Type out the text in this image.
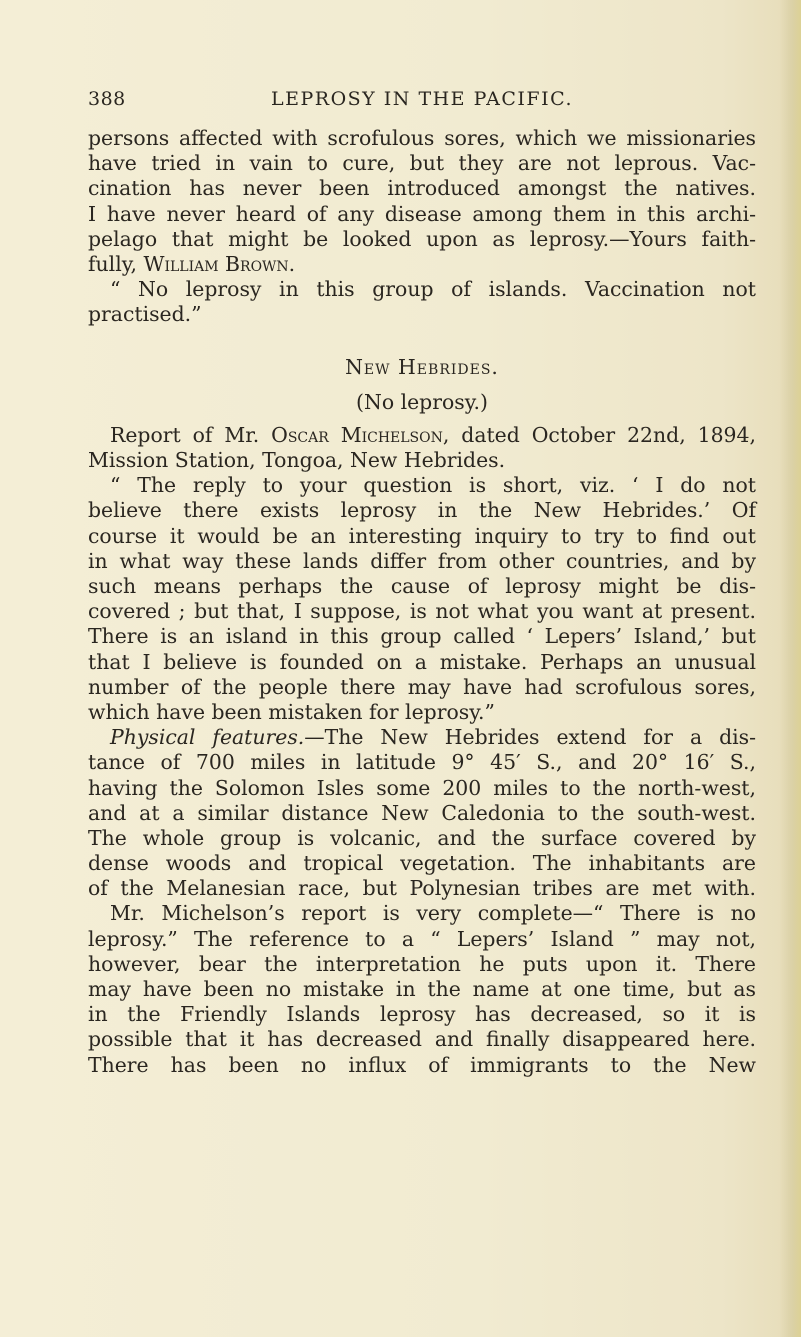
388	LEPROSY IN THE PACIFIC.
persons affected with scrofulous sores, which we missionaries
have tried in vain to cure, but they are not leprous. Vac-
cination has never been introduced amongst the natives.
I have never heard of any disease among them in this archi-
pelago that might be looked upon as leprosy.—Yours faith-
fully, William Brown.
“ No leprosy in this group of islands. Vaccination not
practised.”
New Hebrides.
(No leprosy.)
Report of Mr. Oscar Michelson, dated October 22nd, 1894,
Mission Station, Tongoa, New Hebrides.
“ The reply to your question is short, viz. ‘ I do not
believe there exists leprosy in the New Hebrides.’ Of
course it would be an interesting inquiry to try to find out
in what way these lands differ from other countries, and by
such means perhaps the cause of leprosy might be dis-
covered ; but that, I suppose, is not what you want at present.
There is an island in this group called ‘ Lepers’ Island,’ but
that I believe is founded on a mistake. Perhaps an unusual
number of the people there may have had scrofulous sores,
which have been mistaken for leprosy.”
Physical features.—The New Hebrides extend for a dis-
tance of 700 miles in latitude 9° 45′ S., and 20° 16′ S.,
having the Solomon Isles some 200 miles to the north-west,
and at a similar distance New Caledonia to the south-west.
The whole group is volcanic, and the surface covered by
dense woods and tropical vegetation. The inhabitants are
of the Melanesian race, but Polynesian tribes are met with.
Mr. Michelson’s report is very complete—“ There is no
leprosy.” The reference to a “ Lepers’ Island ” may not,
however, bear the interpretation he puts upon it. There
may have been no mistake in the name at one time, but as
in the Friendly Islands leprosy has decreased, so it is
possible that it has decreased and finally disappeared here.
There has been no influx of immigrants to the New
